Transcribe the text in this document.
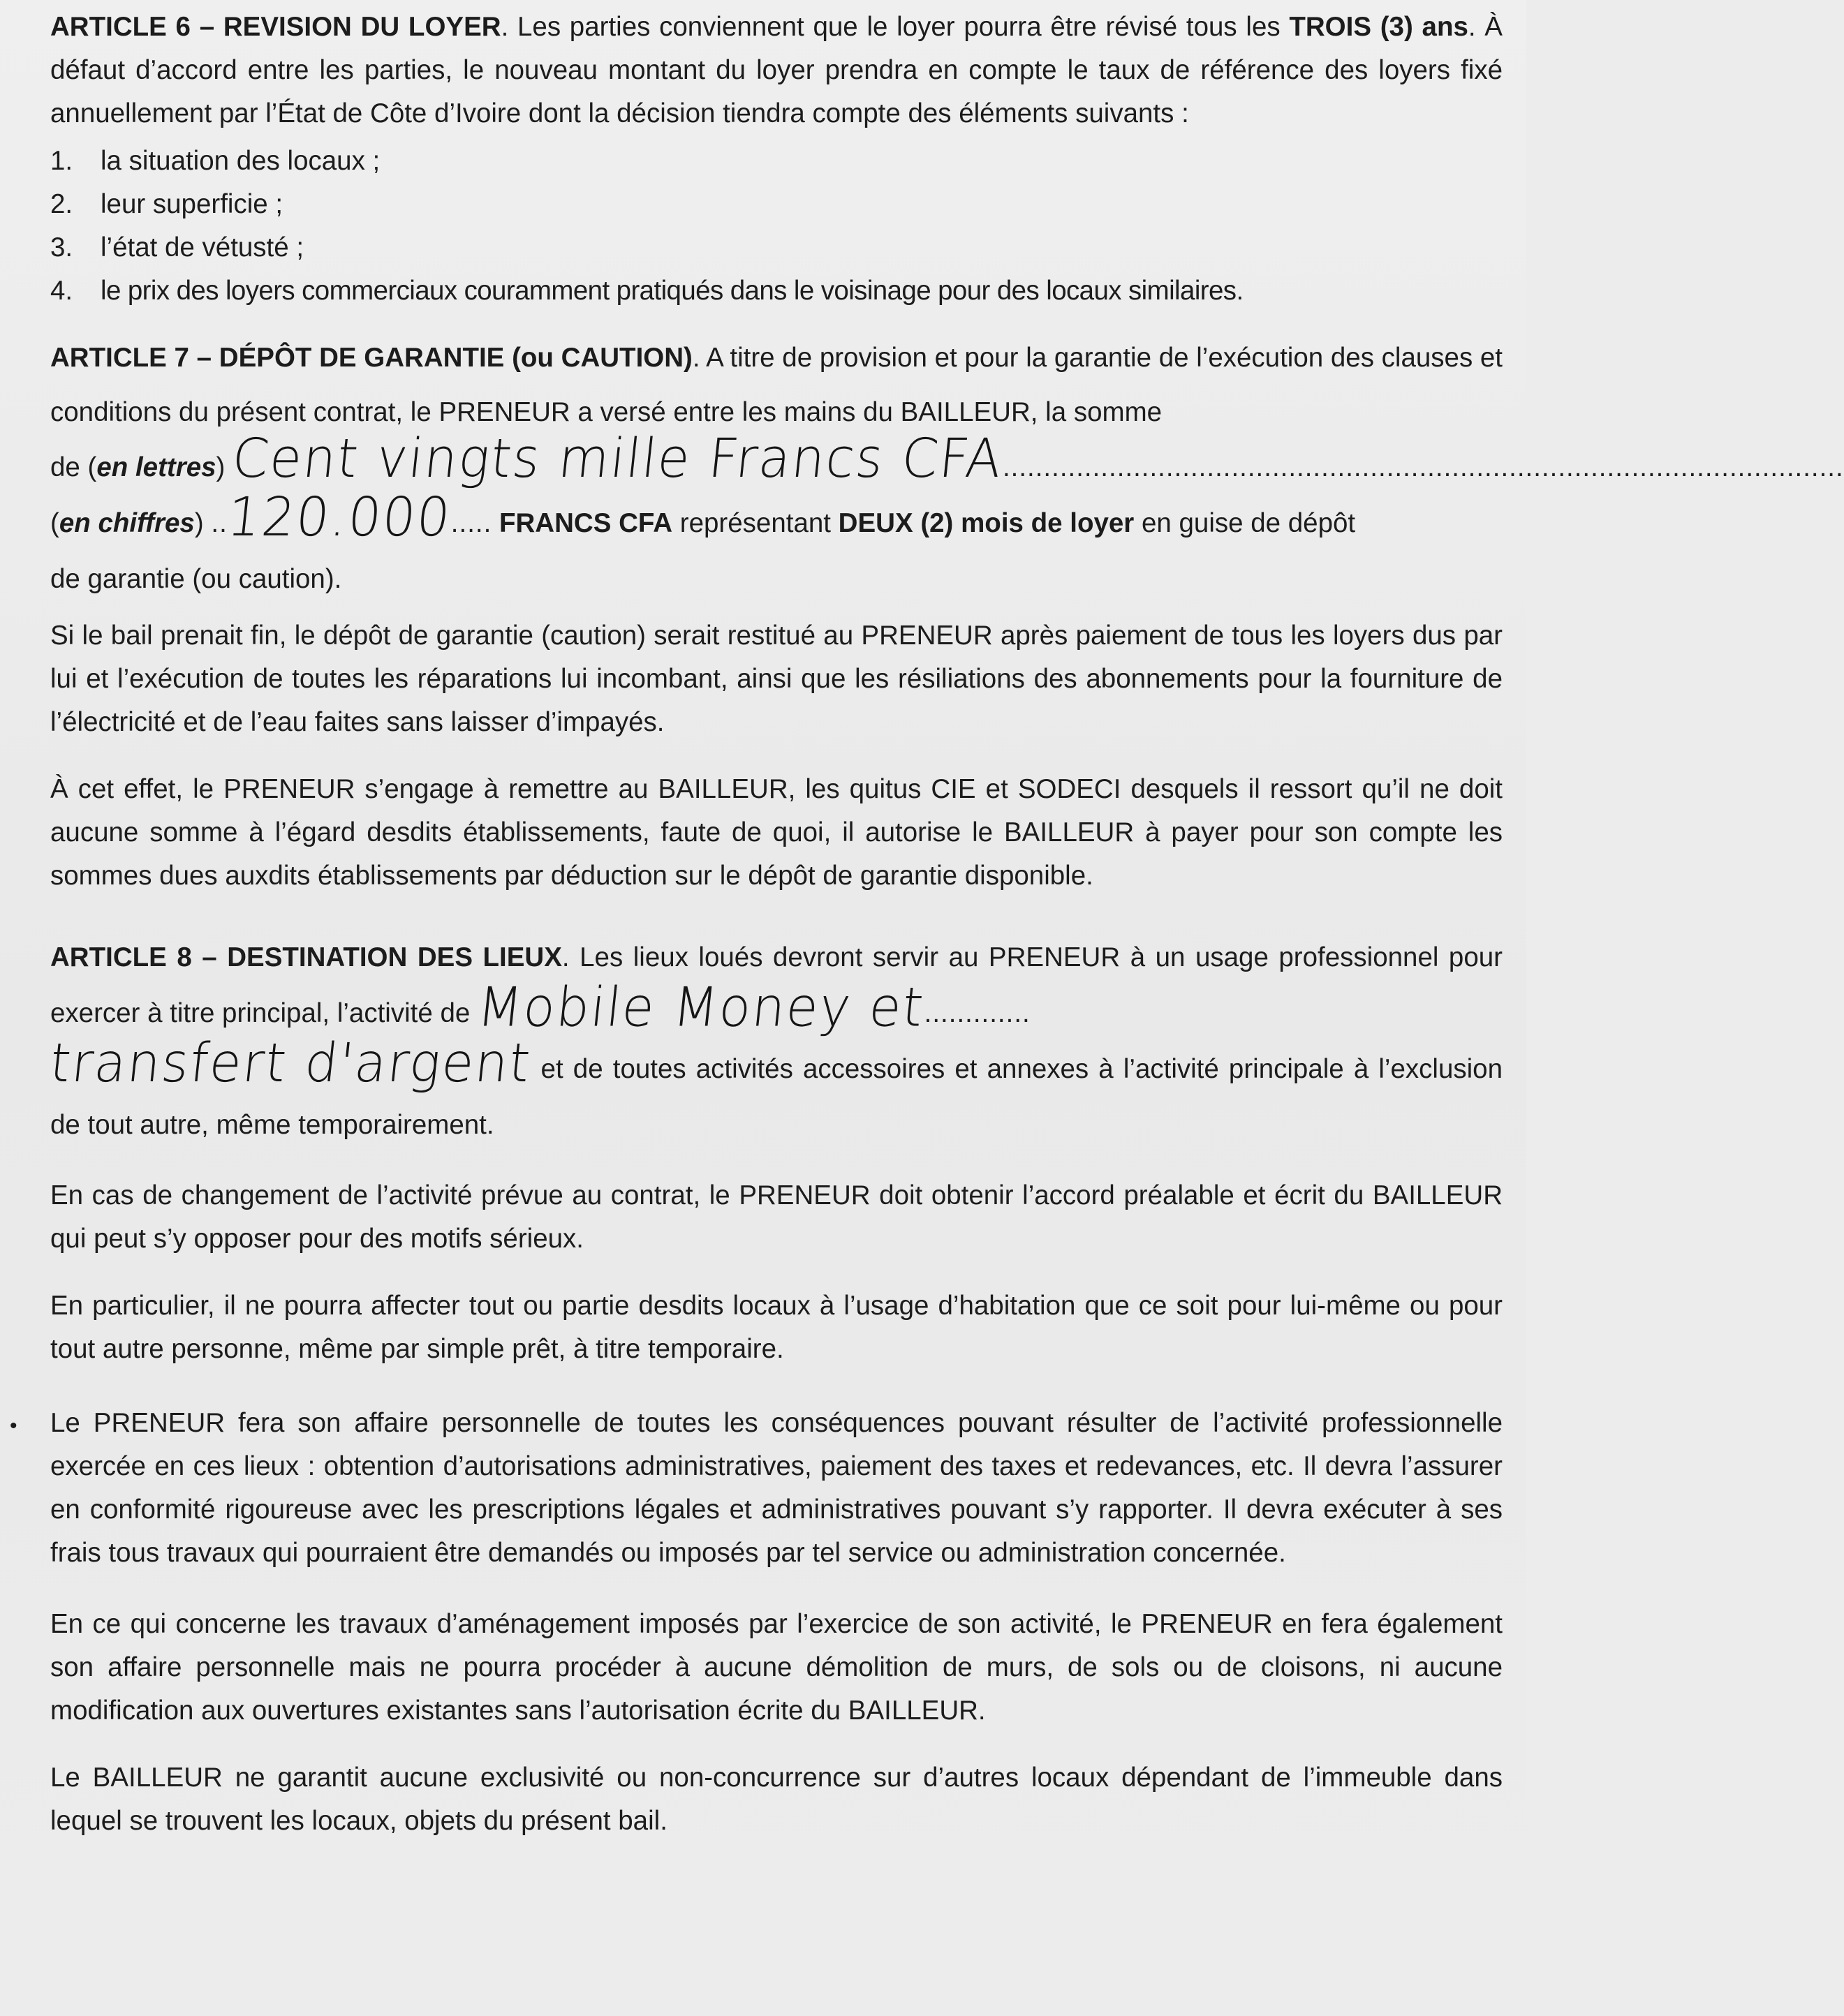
ARTICLE 6 – REVISION DU LOYER. Les parties conviennent que le loyer pourra être révisé tous les TROIS (3) ans. À défaut d’accord entre les parties, le nouveau montant du loyer prendra en compte le taux de référence des loyers fixé annuellement par l’État de Côte d’Ivoire dont la décision tiendra compte des éléments suivants :

1.	la situation des locaux ;
2.	leur superficie ;
3.	l’état de vétusté ;
4.	le prix des loyers commerciaux couramment pratiqués dans le voisinage pour des locaux similaires.

ARTICLE 7 – DÉPÔT DE GARANTIE (ou CAUTION). A titre de provision et pour la garantie de l’exécution des clauses et conditions du présent contrat, le PRENEUR a versé entre les mains du BAILLEUR, la somme

de ( en lettres )
Cent vingts mille Francs CFA
.......................................................................................................
(en chiffres) ..120.000..... FRANCS CFA représentant DEUX (2) mois de loyer en guise de dépôt

de garantie (ou caution).

Si le bail prenait fin, le dépôt de garantie (caution) serait restitué au PRENEUR après paiement de tous les loyers dus par lui et l’exécution de toutes les réparations lui incombant, ainsi que les résiliations des abonnements pour la fourniture de l’électricité et de l’eau faites sans laisser d’impayés.

À cet effet, le PRENEUR s’engage à remettre au BAILLEUR, les quitus CIE et SODECI desquels il ressort qu’il ne doit aucune somme à l’égard desdits établissements, faute de quoi, il autorise le BAILLEUR à payer pour son compte les sommes dues auxdits établissements par déduction sur le dépôt de garantie disponible.

ARTICLE 8 – DESTINATION DES LIEUX. Les lieux loués devront servir au PRENEUR à un usage professionnel pour exercer à titre principal, l’activité de Mobile Money et.............

transfert d'argent et de toutes activités accessoires et annexes à l’activité principale à l’exclusion de tout autre, même temporairement.

En cas de changement de l’activité prévue au contrat, le PRENEUR doit obtenir l’accord préalable et écrit du BAILLEUR qui peut s’y opposer pour des motifs sérieux.

En particulier, il ne pourra affecter tout ou partie desdits locaux à l’usage d’habitation que ce soit pour lui-même ou pour tout autre personne, même par simple prêt, à titre temporaire.

• Le PRENEUR fera son affaire personnelle de toutes les conséquences pouvant résulter de l’activité professionnelle exercée en ces lieux : obtention d’autorisations administratives, paiement des taxes et redevances, etc. Il devra l’assurer en conformité rigoureuse avec les prescriptions légales et administratives pouvant s’y rapporter. Il devra exécuter à ses frais tous travaux qui pourraient être demandés ou imposés par tel service ou administration concernée.

En ce qui concerne les travaux d’aménagement imposés par l’exercice de son activité, le PRENEUR en fera également son affaire personnelle mais ne pourra procéder à aucune démolition de murs, de sols ou de cloisons, ni aucune modification aux ouvertures existantes sans l’autorisation écrite du BAILLEUR.

Le BAILLEUR ne garantit aucune exclusivité ou non-concurrence sur d’autres locaux dépendant de l’immeuble dans lequel se trouvent les locaux, objets du présent bail.
